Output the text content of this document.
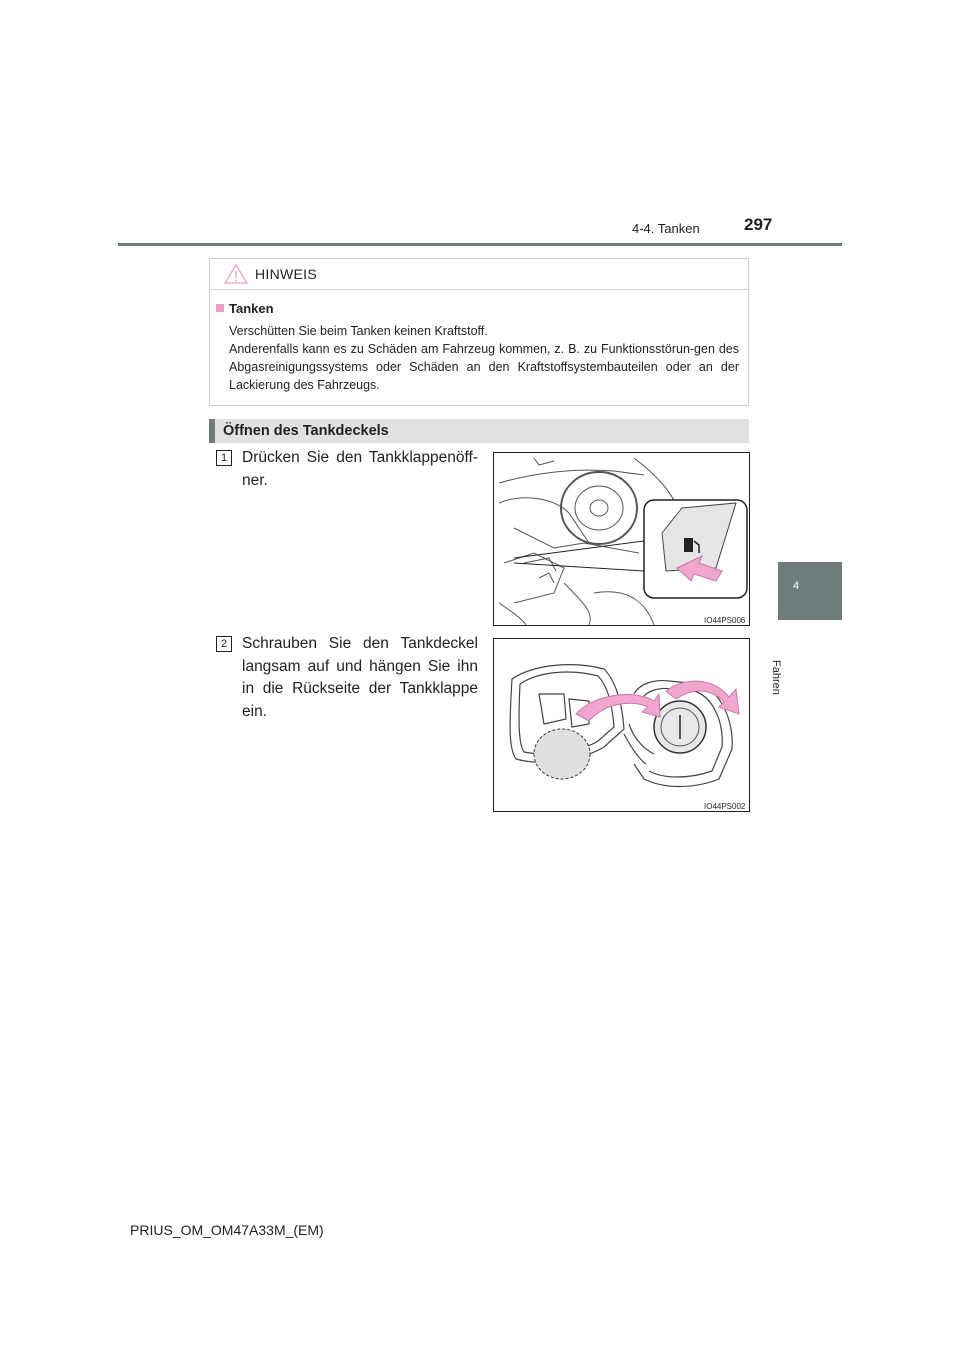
4-4. Tanken	297
4
Fahren
HINWEIS
Tanken

Verschütten Sie beim Tanken keinen Kraftstoff.

Anderenfalls kann es zu Schäden am Fahrzeug kommen, z. B. zu Funktionsstörun-gen des Abgasreinigungssystems oder Schäden an den Kraftstoffsystembauteilen oder an der Lackierung des Fahrzeugs.

Öffnen des Tankdeckels
1 Drücken Sie den Tankklappenöff-ner.
IO44PS006
2 Schrauben Sie den Tankdeckel langsam auf und hängen Sie ihn in die Rückseite der Tankklappe ein.
IO44PS002
PRIUS_OM_OM47A33M_(EM)
